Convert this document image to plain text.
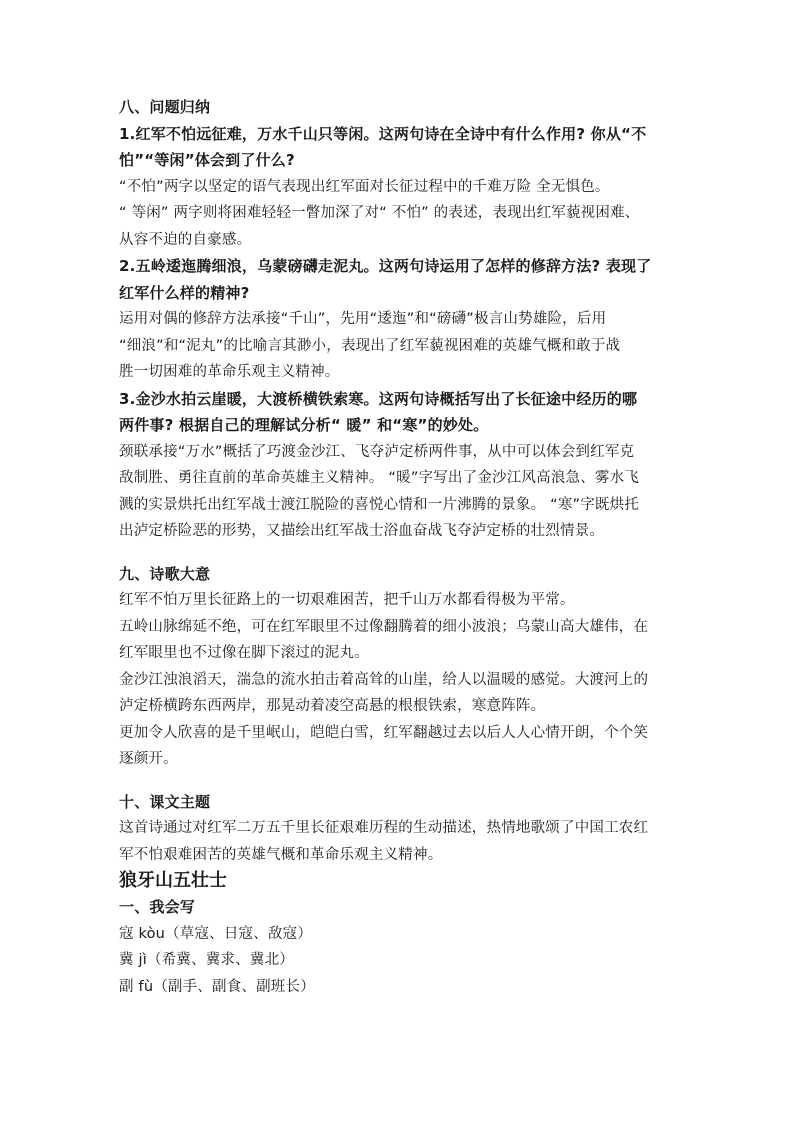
八、问题归纳
1.红军不怕远征难，万水千山只等闲。这两句诗在全诗中有什么作用? 你从“不
怕”“等闲”体会到了什么?
“不怕”两字以坚定的语气表现出红军面对长征过程中的千难万险 全无惧色。
“ 等闲” 两字则将困难轻轻一瞥加深了对“ 不怕” 的表述，表现出红军藐视困难、
从容不迫的自豪感。
2.五岭逶迤腾细浪，乌蒙磅礴走泥丸。这两句诗运用了怎样的修辞方法? 表现了
红军什么样的精神?
运用对偶的修辞方法承接“千山”，先用“逶迤”和“磅礴”极言山势雄险，后用
“细浪”和“泥丸”的比喻言其渺小，表现出了红军藐视困难的英雄气概和敢于战
胜一切困难的革命乐观主义精神。
3.金沙水拍云崖暖，大渡桥横铁索寒。这两句诗概括写出了长征途中经历的哪
两件事? 根据自己的理解试分析“ 暖” 和“寒”的妙处。
颈联承接“万水”概括了巧渡金沙江、飞夺泸定桥两件事，从中可以体会到红军克
敌制胜、勇往直前的革命英雄主义精神。 “暖”字写出了金沙江风高浪急、雾水飞
溅的实景烘托出红军战士渡江脱险的喜悦心情和一片沸腾的景象。 “寒”字既烘托
出泸定桥险恶的形势，又描绘出红军战士浴血奋战飞夺泸定桥的壮烈情景。
九、诗歌大意
红军不怕万里长征路上的一切艰难困苦，把千山万水都看得极为平常。
五岭山脉绵延不绝，可在红军眼里不过像翻腾着的细小波浪；乌蒙山高大雄伟，在
红军眼里也不过像在脚下滚过的泥丸。
金沙江浊浪滔天，湍急的流水拍击着高耸的山崖，给人以温暖的感觉。大渡河上的
泸定桥横跨东西两岸，那晃动着凌空高悬的根根铁索，寒意阵阵。
更加令人欣喜的是千里岷山，皑皑白雪，红军翻越过去以后人人心情开朗，个个笑
逐颜开。
十、课文主题
这首诗通过对红军二万五千里长征艰难历程的生动描述，热情地歌颂了中国工农红
军不怕艰难困苦的英雄气概和革命乐观主义精神。
狼牙山五壮士
一、我会写
寇 kòu（草寇、日寇、敌寇）
冀 jì（希冀、冀求、冀北）
副 fù（副手、副食、副班长）
